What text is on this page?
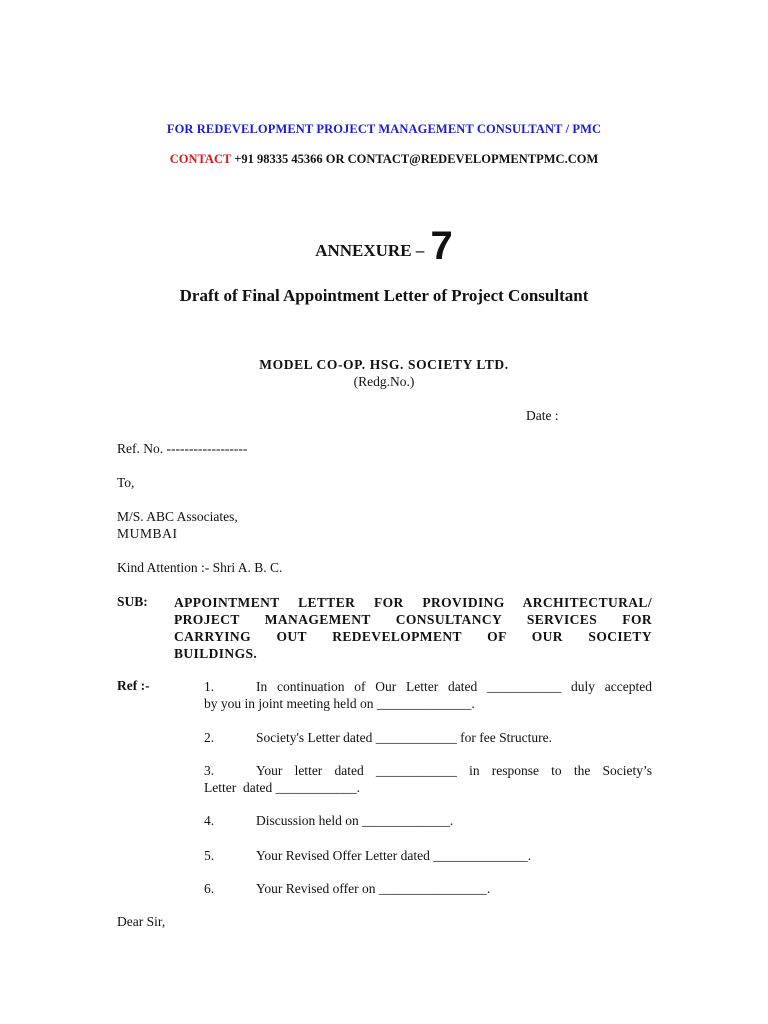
FOR REDEVELOPMENT PROJECT MANAGEMENT CONSULTANT / PMC
CONTACT +91 98335 45366 OR CONTACT@REDEVELOPMENTPMC.COM
ANNEXURE – 7
Draft of Final Appointment Letter of Project Consultant
MODEL CO-OP. HSG. SOCIETY LTD.
(Redg.No.)
Date :
Ref. No. ------------------
To,
M/S. ABC Associates,
MUMBAI
Kind Attention :- Shri A. B. C.
SUB: APPOINTMENT LETTER FOR PROVIDING ARCHITECTURAL/
PROJECT MANAGEMENT CONSULTANCY SERVICES FOR
CARRYING OUT REDEVELOPMENT OF OUR SOCIETY
BUILDINGS.
Ref :-	1.	In continuation of Our Letter dated ___________ duly accepted
by you in joint meeting held on ______________.
2.	Society's Letter dated ____________ for fee Structure.
3.	Your letter dated ____________ in response to the Society’s
Letter  dated ____________.
4.	Discussion held on _____________.
5.	Your Revised Offer Letter dated ______________.
6.	Your Revised offer on ________________.
Dear Sir,
